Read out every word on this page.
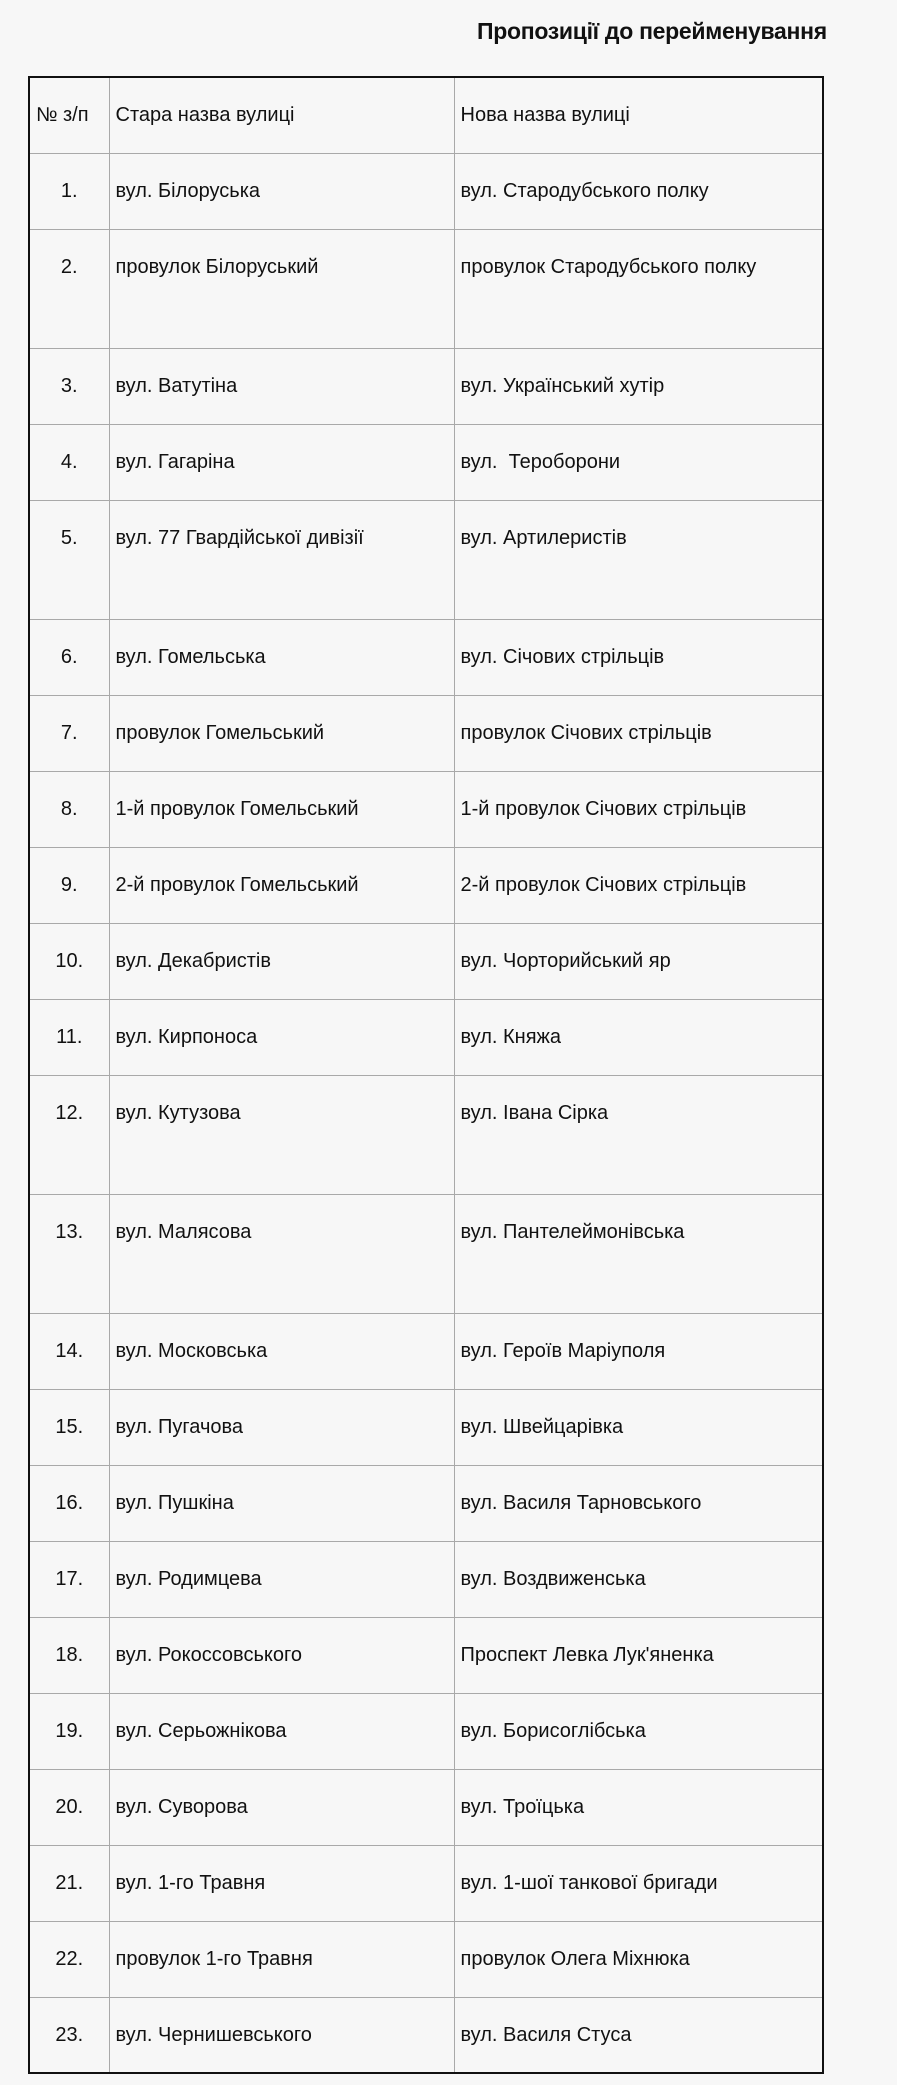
Пропозиції до перейменування
№ з/п	Стара назва вулиці	Нова назва вулиці
1.	вул. Білоруська	вул. Стародубського полку
2.	провулок Білоруський	провулок Стародубського полку
3.	вул. Ватутіна	вул. Український хутір
4.	вул. Гагаріна	вул.  Тероборони
5.	вул. 77 Гвардійської дивізії	вул. Артилеристів
6.	вул. Гомельська	вул. Січових стрільців
7.	провулок Гомельський	провулок Січових стрільців
8.	1-й провулок Гомельський	1-й провулок Січових стрільців
9.	2-й провулок Гомельський	2-й провулок Січових стрільців
10.	вул. Декабристів	вул. Чорторийський яр
11.	вул. Кирпоноса	вул. Княжа
12.	вул. Кутузова	вул. Івана Сірка
13.	вул. Малясова	вул. Пантелеймонівська
14.	вул. Московська	вул. Героїв Маріуполя
15.	вул. Пугачова	вул. Швейцарівка
16.	вул. Пушкіна	вул. Василя Тарновського
17.	вул. Родимцева	вул. Воздвиженська
18.	вул. Рокоссовського	Проспект Левка Лук'яненка
19.	вул. Серьожнікова	вул. Борисоглібська
20.	вул. Суворова	вул. Троїцька
21.	вул. 1-го Травня	вул. 1-шої танкової бригади
22.	провулок 1-го Травня	провулок Олега Міхнюка
23.	вул. Чернишевського	вул. Василя Стуса
